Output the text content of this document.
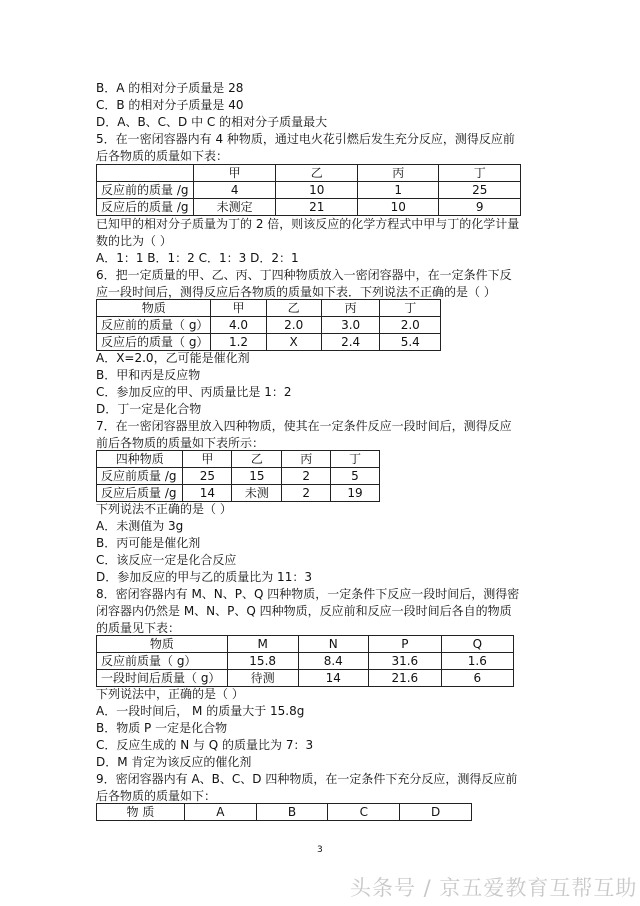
B．A 的相对分子质量是 28
C．B 的相对分子质量是 40
D．A、B、C、D 中 C 的相对分子质量最大
5．在一密闭容器内有 4 种物质，通过电火花引燃后发生充分反应，测得反应前
后各物质的质量如下表：
	甲	乙	丙	丁
反应前的质量 /g	4	10	1	25
反应后的质量 /g	未测定	21	10	9
已知甲的相对分子质量为丁的 2 倍，则该反应的化学方程式中甲与丁的化学计量
数的比为（ ）
A．1：1 B．1：2 C．1：3 D．2：1
6．把一定质量的甲、乙、丙、丁四种物质放入一密闭容器中，在一定条件下反
应一段时间后，测得反应后各物质的质量如下表．下列说法不正确的是（ ）
物质	甲	乙	丙	丁
反应前的质量（ g）	4.0	2.0	3.0	2.0
反应后的质量（ g）	1.2	X	2.4	5.4
A．X=2.0，乙可能是催化剂
B．甲和丙是反应物
C．参加反应的甲、丙质量比是 1：2
D．丁一定是化合物
7．在一密闭容器里放入四种物质，使其在一定条件反应一段时间后，测得反应
前后各物质的质量如下表所示：
四种物质	甲	乙	丙	丁
反应前质量 /g	25	15	2	5
反应后质量 /g	14	未测	2	19
下列说法不正确的是（ ）
A．未测值为 3g
B．丙可能是催化剂
C．该反应一定是化合反应
D．参加反应的甲与乙的质量比为 11：3
8．密闭容器内有 M、N、P、Q 四种物质，一定条件下反应一段时间后，测得密
闭容器内仍然是 M、N、P、Q 四种物质，反应前和反应一段时间后各自的物质
的质量见下表：
物质	M	N	P	Q
反应前质量（ g）	15.8	8.4	31.6	1.6
一段时间后质量（ g）	待测	14	21.6	6
下列说法中，正确的是（ ）
A．一段时间后， M 的质量大于 15.8g
B．物质 P 一定是化合物
C．反应生成的 N 与 Q 的质量比为 7：3
D．M 肯定为该反应的催化剂
9．密闭容器内有 A、B、C、D 四种物质，在一定条件下充分反应，测得反应前
后各物质的质量如下：
物 质	A	B	C	D
3
头条号 / 京五爱教育互帮互助
